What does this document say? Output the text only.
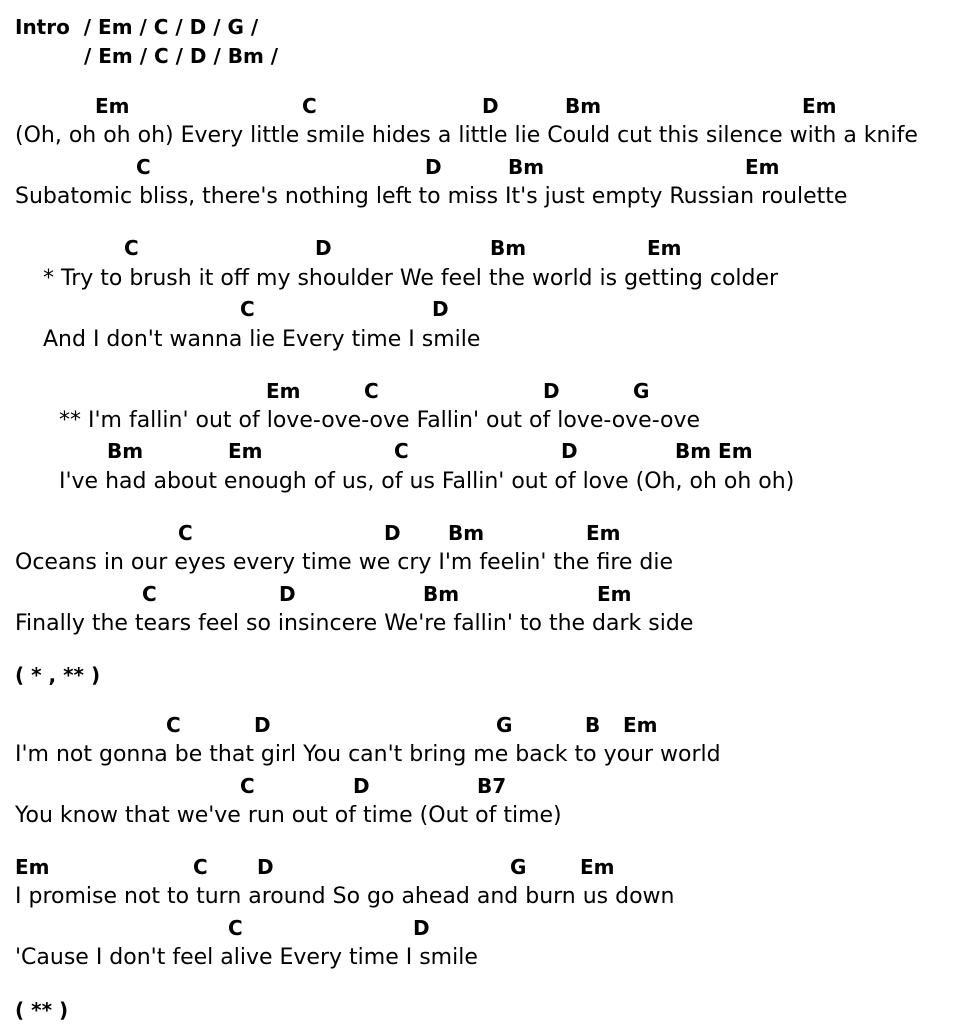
Intro  / Em / C / D / G /
/ Em / C / D / Bm /
Em	C	D	Bm	Em
(Oh, oh oh oh) Every little smile hides a little lie Could cut this silence with a knife
C	D	Bm	Em
Subatomic bliss, there's nothing left to miss It's just empty Russian roulette
C	D	Bm	Em
* Try to brush it off my shoulder We feel the world is getting colder
C	D
And I don't wanna lie Every time I smile
Em	C	D	G
** I'm fallin' out of love-ove-ove Fallin' out of love-ove-ove
Bm	Em	C	D	Bm Em
I've had about enough of us, of us Fallin' out of love (Oh, oh oh oh)
C	D Bm	Em
Oceans in our eyes every time we cry I'm feelin' the fire die
C	D	Bm	Em
Finally the tears feel so insincere We're fallin' to the dark side
( * , ** )
C	D	G	B Em
I'm not gonna be that girl You can't bring me back to your world
C	D	B7
You know that we've run out of time (Out of time)
Em	C D	G	Em
I promise not to turn around So go ahead and burn us down
C	D
'Cause I don't feel alive Every time I smile
( ** )
